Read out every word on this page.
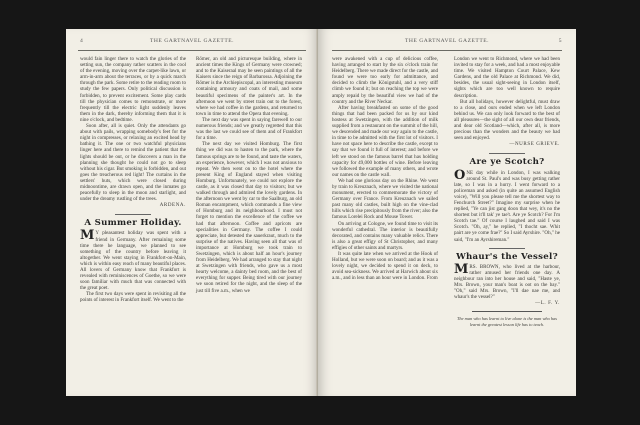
4	THE GARTNAVEL GAZETTE.

would fain linger there to watch the glories of the setting sun, the company rather scatters in the cool of the evening, moving over the carpet-like lawn, or arm-in-arm about the terraces, or by a quick march through the park. Some retire to the reading room to study the few papers. Only political discussion is forbidden, to prevent excitement. Some play cards till the physician comes to remonstrate, or more frequently till the electric light suddenly leaves them in the dark, thereby informing them that it is nine o'clock, and bedtime.

Soon after, all is quiet. Only the attendants go about with pails, wrapping somebody's feet for the night in compresses, or relaxing an excited head by bathing it. The one or two watchful physicians linger here and there to remind the patient that the lights should be out, or he discovers a man in the planning she thought he could not go to sleep without his cigar. But smoking is forbidden, and out goes the treacherous red light! The curtains in the settlers' huts, which were closed during midnoontime, are drawn open, and the inmates go peacefully to sleep in the moon and starlight, and under the dreamy rustling of the trees.

ARDENA.
A Summer Holiday.

M Y pleasantest holiday was spent with a friend in Germany. After remaining some time there he language, we planned to see something of the country before leaving it altogether. We went staying in Frankfort-on-Main, which is within easy reach of many beautiful places. All lovers of Germany know that Frankfort is revealed with reminiscences of Goethe, so we were soon familiar with much that was connected with the great poet.

The first two days were spent in revisiting all the points of interest in Frankfort itself. We went to the

Römer, an old and picturesque building, where in ancient times the Kings of Germany were crowned; and to the Kaiseraal may be seen paintings of all the Kaisers since the reign of Barbarossa. Adjoining the Römer is the Archiepiscopal, an interesting museum containing armoury and coats of mail, and some beautiful specimens of the painter's art. In the afternoon we went by street train out to the forest, where we had coffee in the gardens, and returned to town in time to attend the Opera that evening.

The next day was spent in saying farewell to our numerous friends; and we greatly regretted that this was the last we could see of them and of Frankfort for a time.

The next day we visited Homburg. The first thing we did was to hasten to the park, where the famous springs are to be found, and taste the waters, an experience, however, which I was not anxious to repeat. We then went on to the hotel where the present King of England stayed when visiting Homburg. Unfortunately, we could not explore the castle, as it was closed that day to visitors; but we walked through and admired the lovely gardens. In the afternoon we went by car to the Saalburg, an old Roman encampment, which commands a fine view of Homburg and its neighbourhood. I must not forget to mention the excellence of the coffee we had that afternoon. Coffee and apricots are specialities in Germany. The coffee I could appreciate, but detested the sauerkraut, much to the surprise of the natives. Having seen all that was of importance at Homburg we took train to Swetzingen, which is about half an hour's journey from Heidelberg. We had arranged to stay that night at Swetzingen with friends, who gave us a most hearty welcome, a dainty bed room, and the best of everything for supper. Being tired with our journey we soon retired for the night, and the sleep of the just till five a.m., when we

THE GARTNAVEL GAZETTE.	5

were awakened with a cup of delicious coffee, having arranged to start by the six o'clock train for Heidelberg. There we made direct for the castle, and found we were too early for admittance, and decided to climb the Königstuhl, and a very stiff climb we found it; but on reaching the top we were amply repaid by the beautiful view we had of the country and the River Neckar.

After having breakfasted on some of the good things that had been packed for us by our kind hostess at Swetzingen, with the addition of milk supplied from a restaurant on the summit of the hill, we descended and made our way again to the castle, in time to be admitted with the first lot of visitors. I have not space here to describe the castle, except to say that we found it full of interest; and before we left we stood on the famous barrel that has holding capacity for 49,000 bottles of wine. Before leaving we followed the example of many others, and wrote our names on the castle wall.

We had one glorious day on the Rhine. We went by train to Kreuznach, where we visited the national monument, erected to commemorate the victory of Germany over France. From Kreuznach we sailed past many old castles, built high on the vine-clad hills which rise precipitously from the river; also the famous Lorelei Rock and Mouse Tower.

On arriving at Cologne, we found time to visit its wonderful cathedral. The interior is beautifully decorated, and contains many valuable relics. There is also a great effigy of St Christopher, and many effigies of other saints and martyrs.

It was quite late when we arrived at the Hook of Holland, but we were soon on board; and as it was a lovely night, we decided to spend it on deck, to avoid sea-sickness. We arrived at Harwich about six a.m., and in less than an hour were in London. From

London we went to Richmond, where we had been invited to stay for a week, and had a most enjoyable time. We visited Hampton Court Palace, Kew Gardens, and the old Palace at Richmond. We did, besides, the usual sight-seeing in London itself, sights which are too well known to require description.

But all holidays, however delightful, must draw to a close, and ours ended when we left London behind us. We can only look forward to the best of all pleasures—the sight of all our own dear friends, and dear old Scotland—which, after all, is more precious than the wonders and the beauty we had seen and enjoyed.

—NURSE GRIEVE.
Are ye Scotch?

ONE day while in London, I was walking around St. Paul's and was busy getting rather late, so I was in a hurry. I went forward to a policeman and asked (in quite an assumed English voice), "Will you please tell me the shortest way to Fenchurch Street?" Imagine my surprise when he replied, "Ye can jist gang doon that wey, it's no the shortest but it'll tak' ye tae't. Are ye Scotch? For I'm Scotch tae." Of course I laughed and said I was Scotch. "Oh, ay," he replied, "I thocht sae. Whit pairt are ye come frae?" So I said Ayrshire. "Oh," he said, "I'm an Ayrshireman."

Whaur's the Vessel?

MRS. BROWN, who lived at the harbour, rather amused her friends one day. A neighbour ran into her house and said, "Haste ye, Mrs. Brown, your man's boat is oot on the bay." "Oh," said Mrs. Brown, "I'll dae nae me, and whaur's the vessel?"

—L. F. Y.
The man who has learnt to live alone is the man who has learnt the greatest lesson life has to teach.
